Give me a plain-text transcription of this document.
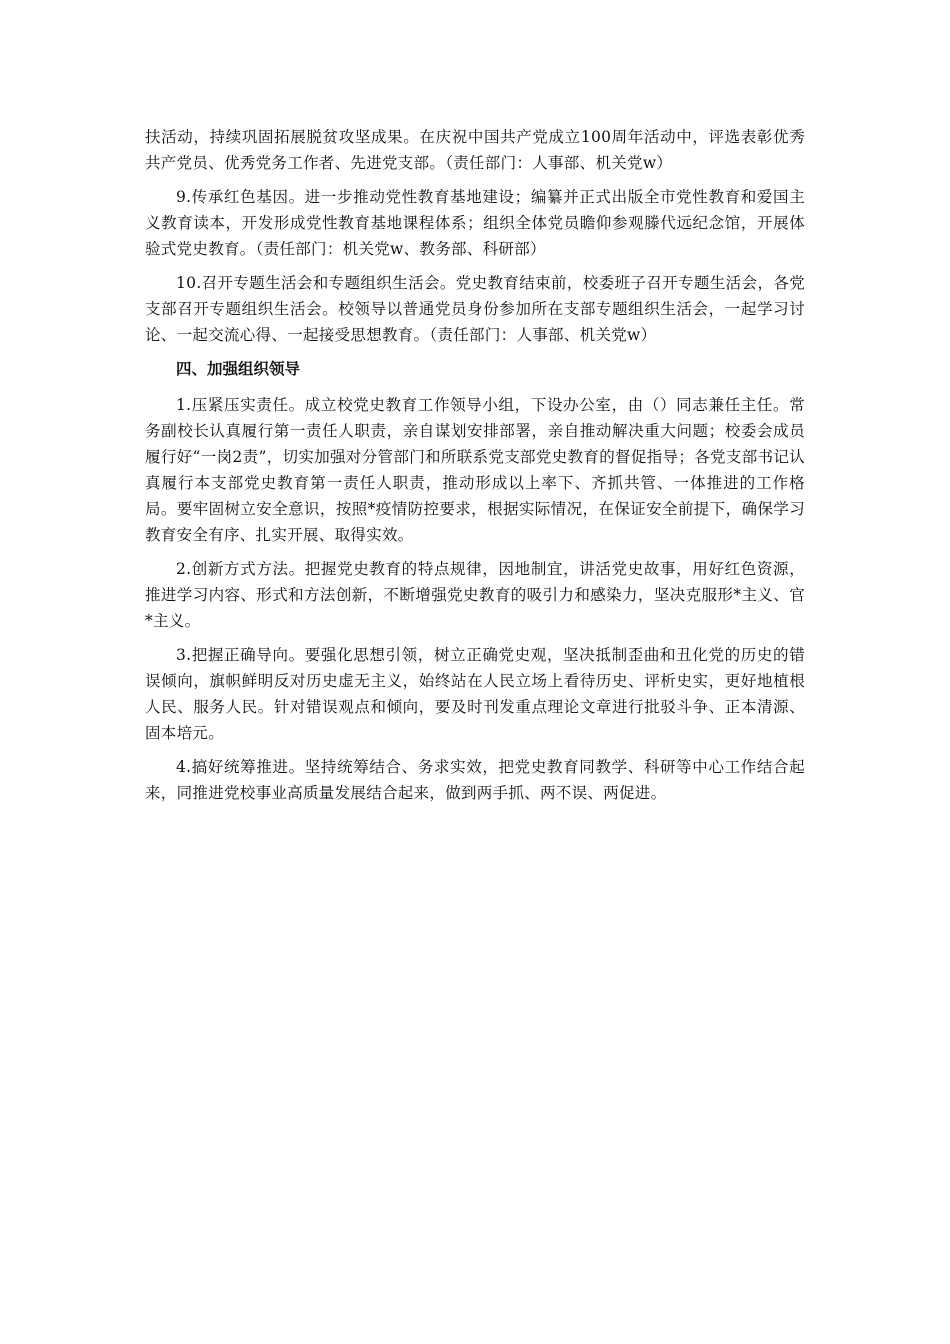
扶活动，持续巩固拓展脱贫攻坚成果。在庆祝中国共产党成立100周年活动中，评选表彰优秀共产党员、优秀党务工作者、先进党支部。（责任部门：人事部、机关党w）

9.传承红色基因。进一步推动党性教育基地建设；编纂并正式出版全市党性教育和爱国主义教育读本，开发形成党性教育基地课程体系；组织全体党员瞻仰参观滕代远纪念馆，开展体验式党史教育。（责任部门：机关党w、教务部、科研部）

10.召开专题生活会和专题组织生活会。党史教育结束前，校委班子召开专题生活会，各党支部召开专题组织生活会。校领导以普通党员身份参加所在支部专题组织生活会，一起学习讨论、一起交流心得、一起接受思想教育。（责任部门：人事部、机关党w）

四、加强组织领导

1.压紧压实责任。成立校党史教育工作领导小组，下设办公室，由（）同志兼任主任。常务副校长认真履行第一责任人职责，亲自谋划安排部署，亲自推动解决重大问题；校委会成员履行好“一岗2责”，切实加强对分管部门和所联系党支部党史教育的督促指导；各党支部书记认真履行本支部党史教育第一责任人职责，推动形成以上率下、齐抓共管、一体推进的工作格局。要牢固树立安全意识，按照*疫情防控要求，根据实际情况，在保证安全前提下，确保学习教育安全有序、扎实开展、取得实效。

2.创新方式方法。把握党史教育的特点规律，因地制宜，讲活党史故事，用好红色资源，推进学习内容、形式和方法创新，不断增强党史教育的吸引力和感染力，坚决克服形*主义、官*主义。

3.把握正确导向。要强化思想引领，树立正确党史观，坚决抵制歪曲和丑化党的历史的错误倾向，旗帜鲜明反对历史虚无主义，始终站在人民立场上看待历史、评析史实，更好地植根人民、服务人民。针对错误观点和倾向，要及时刊发重点理论文章进行批驳斗争、正本清源、固本培元。

4.搞好统筹推进。坚持统筹结合、务求实效，把党史教育同教学、科研等中心工作结合起来，同推进党校事业高质量发展结合起来，做到两手抓、两不误、两促进。
